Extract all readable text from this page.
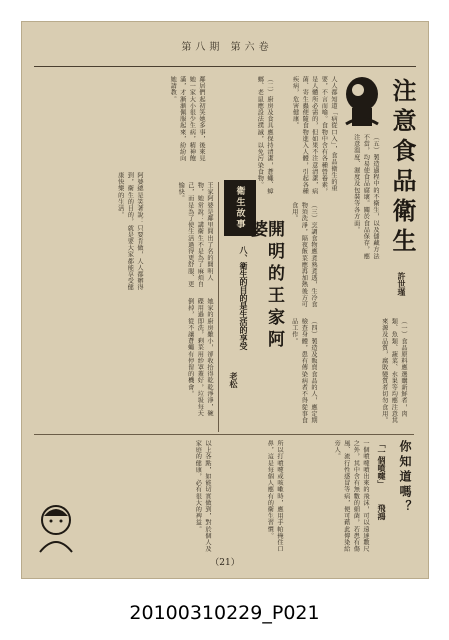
第八期 第六卷
注意食品衛生
許世瑾
人人都知道「病從口入」，食品衛生的重要，不言而喻。食物中含有各種營養素，是人體所必需的，但如果不注意清潔，病菌、寄生蟲便隨食物進入人體，引起各種疾病，危害健康。
（一）食品原料應選購新鮮者，肉類、魚類、蔬菜、水果等均應注意其來源及品質，腐敗變質者切勿食用。
（二）廚房及食具應保持清潔，蒼蠅、蟑螂、老鼠應設法撲滅，以免污染食物。
（三）烹調食物應煮熟煮透，生冷食物須洗淨，隔夜飯菜應再加熱後方可食用。
（四）製造及販賣食品的人，應定期檢查身體，患有傳染病者不得從事食品工作。
（五）製造過程中的不衛生，以及儲藏方法不當，均易使食品腐壞。關於食品保存，應注意溫度、濕度及包裝等各方面。
衛生故事
開明的王家阿婆
八、衛生的目的是生活的享受
老松
王家阿婆是鄰里間出了名的開明人物，她常說：講衛生不是為了麻煩自己，而是為了使生活過得更舒服、更愉快。
她家的廚房雖小，卻收拾得乾乾淨淨，碗碟用過即洗，剩菜用紗罩蓋好，垃圾每天倒掉，從不讓蒼蠅有停留的機會。
鄰居們起初笑她多事，後來見她一家大小很少生病，精神飽滿，才漸漸佩服起來，紛紛向她請教。
阿婆總是笑著說：只要肯做，人人都辦得到，衛生的目的，就是要大家都能享受健康快樂的生活。
你知道嗎？
「一個噴嚏」
飛鴻
一個噴嚏噴出來的飛沫，可以遠達數尺之外，其中含有無數的細菌，若患有傷風、流行性感冒等病，便可藉此傳染給旁人。
所以打噴嚏或咳嗽時，應用手帕掩住口鼻，這是每個人應有的衛生習慣。
以上各點，如能切實做到，對於個人及家庭的健康，必有很大的裨益。
（21）
20100310229_P021
